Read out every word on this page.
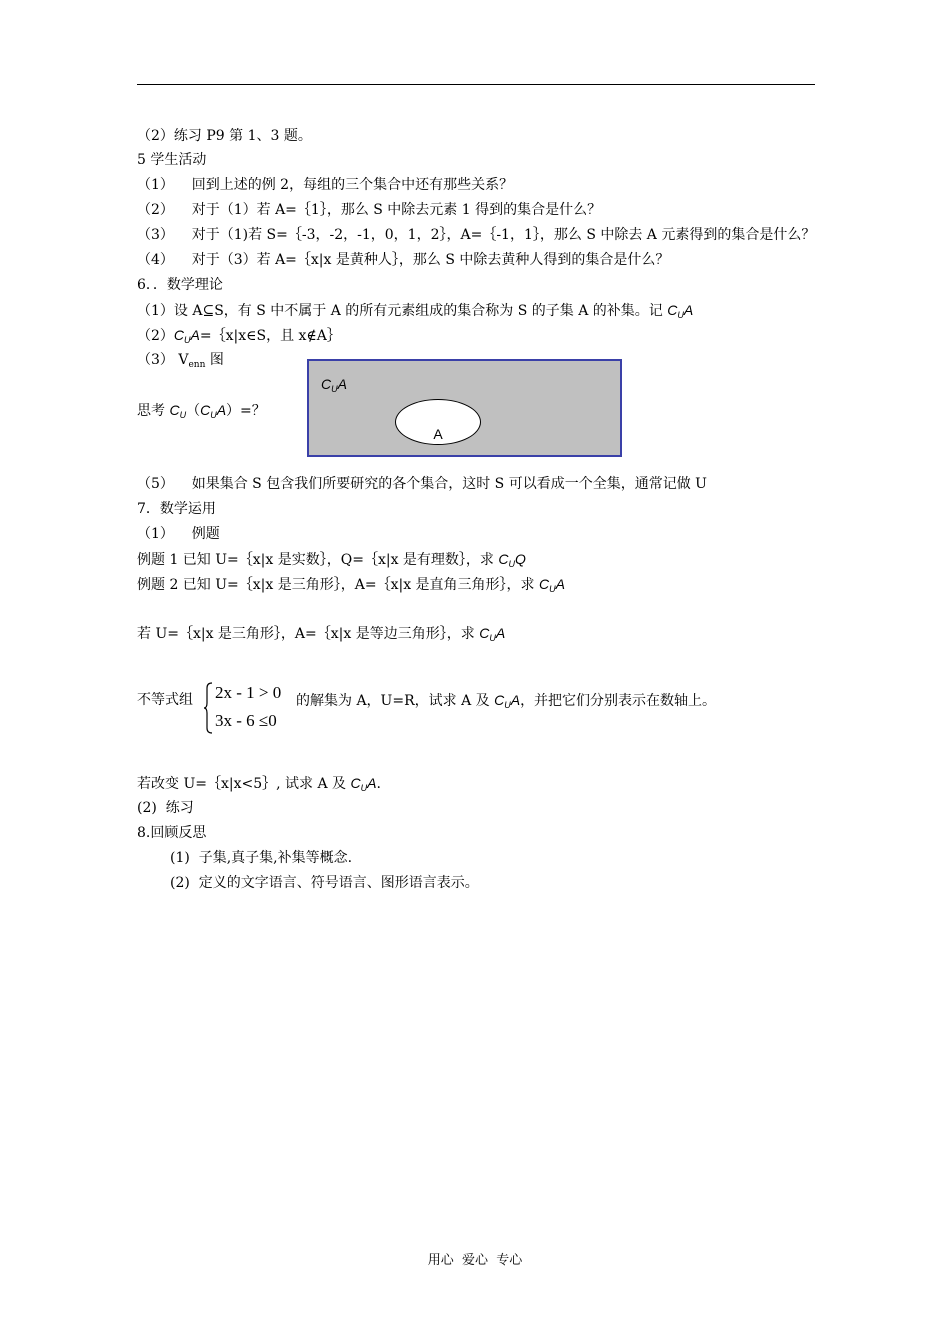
（2）练习 P9 第 1、3 题。
5 学生活动
（1）    回到上述的例 2，每组的三个集合中还有那些关系？
（2）    对于（1）若 A=｛1｝，那么 S 中除去元素 1 得到的集合是什么？
（3）    对于（1)若 S=｛-3，-2，-1，0，1，2｝，A=｛-1，1｝，那么 S 中除去 A 元素得到的集合是什么？
（4）    对于（3）若 A=｛x|x 是黄种人｝，那么 S 中除去黄种人得到的集合是什么？
6．．数学理论
（1）设 A⊆S，有 S 中不属于 A 的所有元素组成的集合称为 S 的子集 A 的补集。记 $C_UA$
$(2)C_UA=\{x|x\in S$，且 x∉A｝
（3） $V_{enn}$ 图
$C_UA$
A
思考 $C_U(C_UA)=$？
（5）    如果集合 S 包含我们所要研究的各个集合，这时 S 可以看成一个全集，通常记做 U
7．数学运用
（1）    例题
例题 1 已知 U=｛x|x 是实数｝，Q=｛x|x 是有理数｝，求 $C_UQ$
例题 2 已知 U=｛x|x 是三角形｝，A=｛x|x 是直角三角形｝，求 $C_UA$
若 U=｛x|x 是三角形｝，A=｛x|x 是等边三角形｝，求 $C_UA$
不等式组 2x - 1 > 0
3x - 6 ≤0
的解集为 A，U=R，试求 A 及 $C_UA$，并把它们分别表示在数轴上。
若改变 U=｛x|x<5｝, 试求 A 及 $C_UA$.
(2)  练习
8.回顾反思
(1)  子集,真子集,补集等概念.
(2)  定义的文字语言、符号语言、图形语言表示。
用心  爱心  专心
